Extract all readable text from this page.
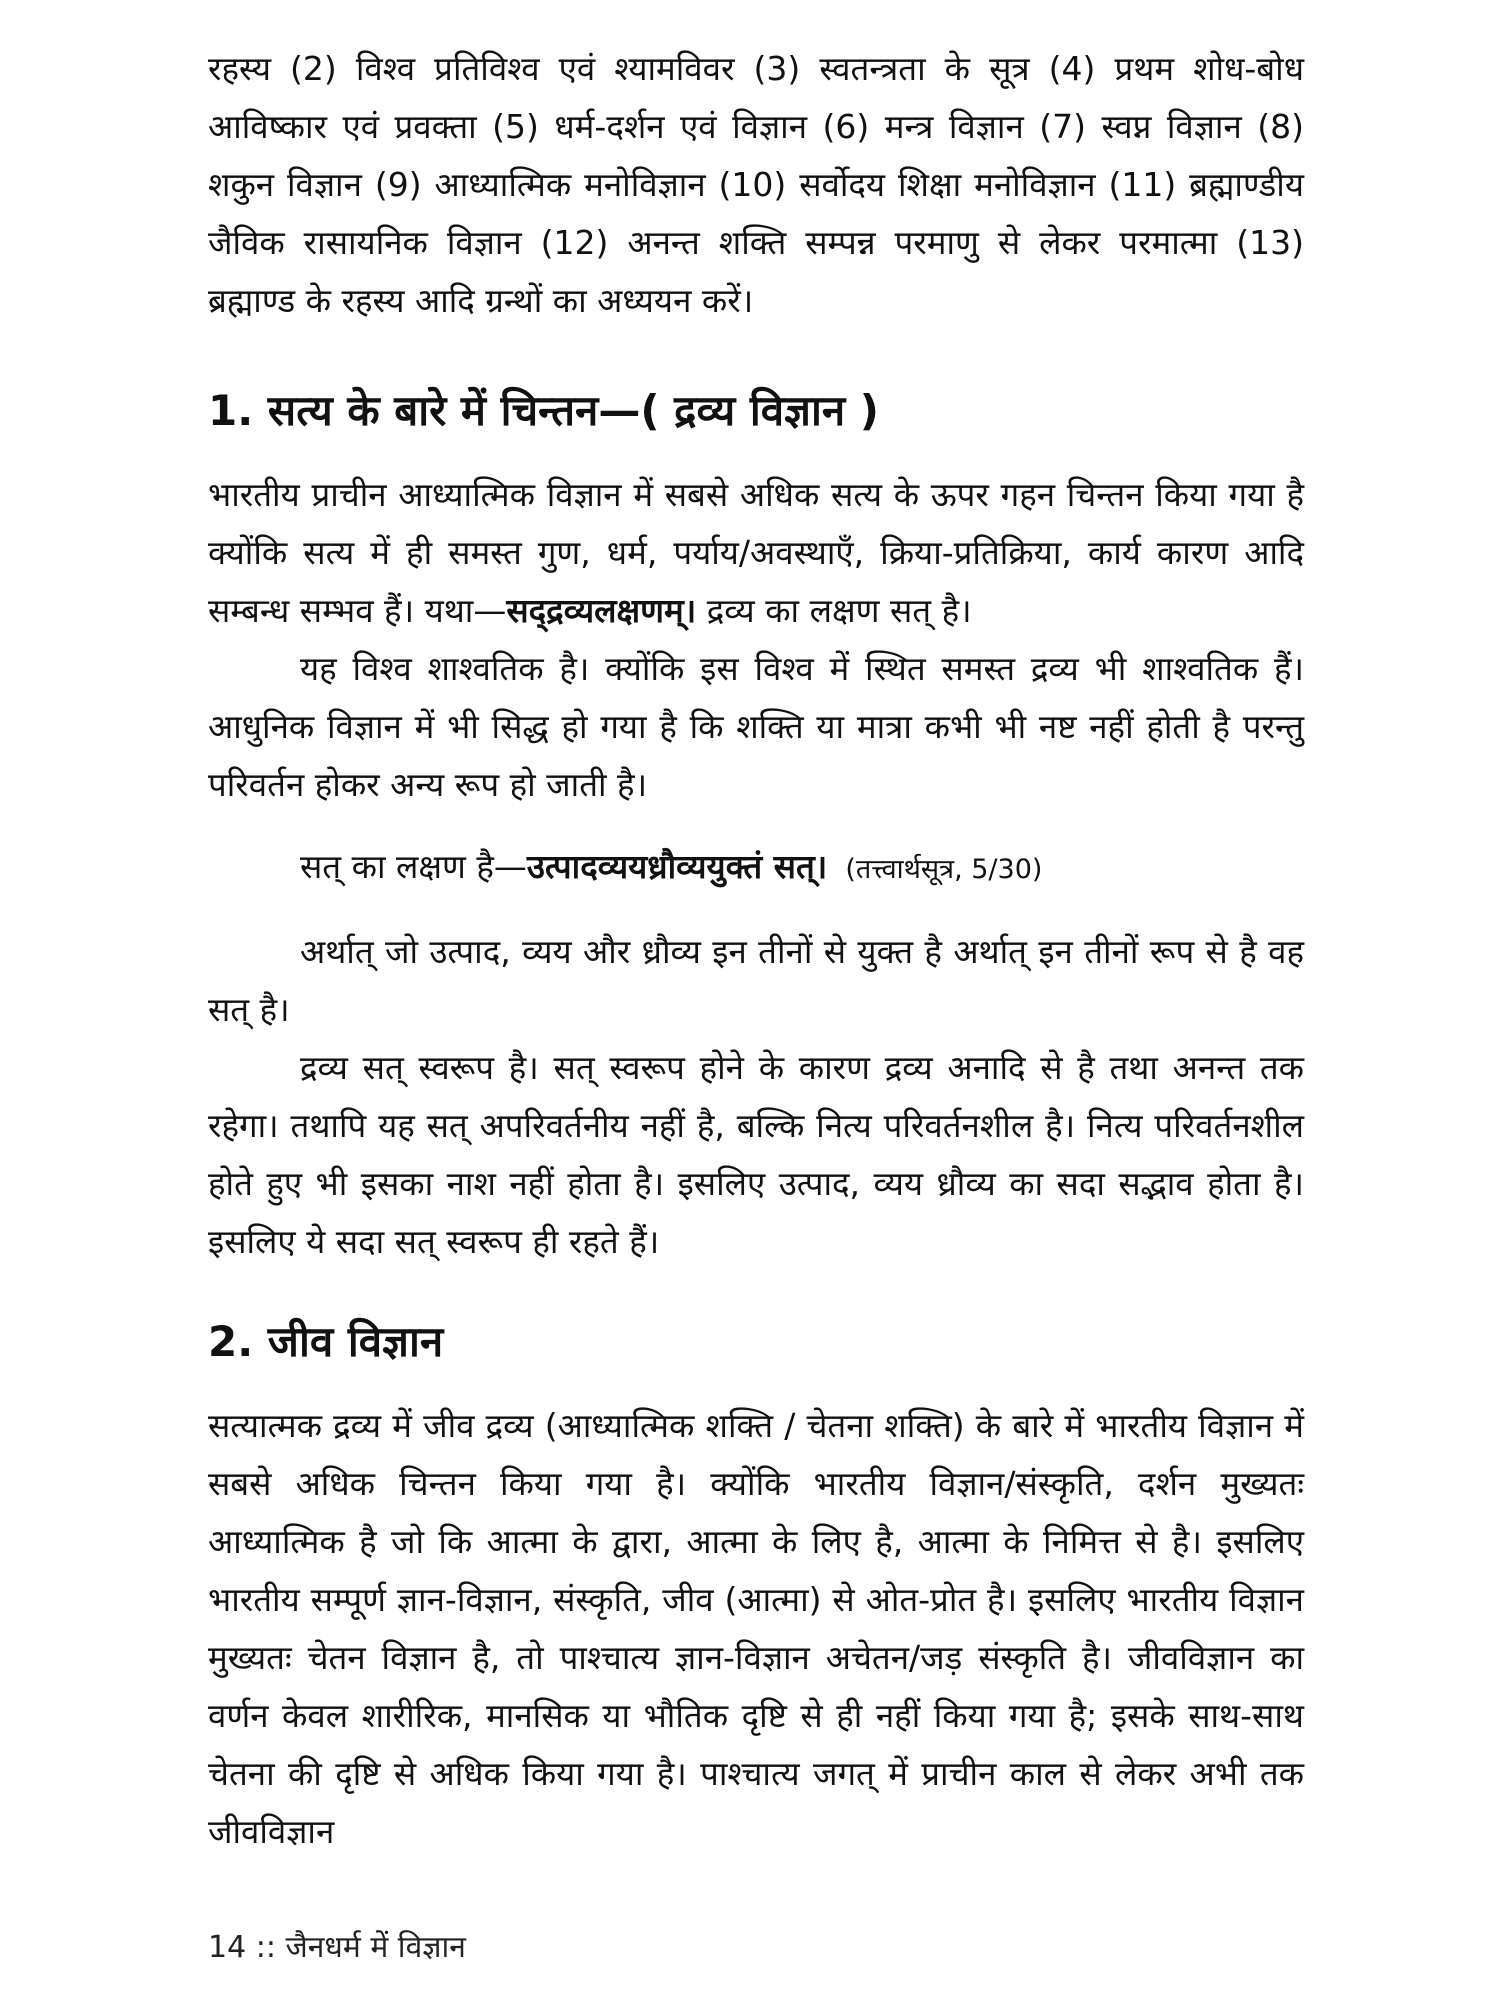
रहस्य (2) विश्व प्रतिविश्व एवं श्यामविवर (3) स्वतन्त्रता के सूत्र (4) प्रथम शोध-बोध आविष्कार एवं प्रवक्ता (5) धर्म-दर्शन एवं विज्ञान (6) मन्त्र विज्ञान (7) स्वप्न विज्ञान (8) शकुन विज्ञान (9) आध्यात्मिक मनोविज्ञान (10) सर्वोदय शिक्षा मनोविज्ञान (11) ब्रह्माण्डीय जैविक रासायनिक विज्ञान (12) अनन्त शक्ति सम्पन्न परमाणु से लेकर परमात्मा (13) ब्रह्माण्ड के रहस्य आदि ग्रन्थों का अध्ययन करें।

1. सत्य के बारे में चिन्तन—( द्रव्य विज्ञान )

भारतीय प्राचीन आध्यात्मिक विज्ञान में सबसे अधिक सत्य के ऊपर गहन चिन्तन किया गया है क्योंकि सत्य में ही समस्त गुण, धर्म, पर्याय/अवस्थाएँ, क्रिया-प्रतिक्रिया, कार्य कारण आदि सम्बन्ध सम्भव हैं। यथा—सद्द्रव्यलक्षणम्। द्रव्य का लक्षण सत् है।

यह विश्व शाश्वतिक है। क्योंकि इस विश्व में स्थित समस्त द्रव्य भी शाश्वतिक हैं। आधुनिक विज्ञान में भी सिद्ध हो गया है कि शक्ति या मात्रा कभी भी नष्ट नहीं होती है परन्तु परिवर्तन होकर अन्य रूप हो जाती है।

सत् का लक्षण है—उत्पादव्ययध्रौव्ययुक्तं सत्। (तत्त्वार्थसूत्र, 5/30)

अर्थात् जो उत्पाद, व्यय और ध्रौव्य इन तीनों से युक्त है अर्थात् इन तीनों रूप से है वह सत् है।

द्रव्य सत् स्वरूप है। सत् स्वरूप होने के कारण द्रव्य अनादि से है तथा अनन्त तक रहेगा। तथापि यह सत् अपरिवर्तनीय नहीं है, बल्कि नित्य परिवर्तनशील है। नित्य परिवर्तनशील होते हुए भी इसका नाश नहीं होता है। इसलिए उत्पाद, व्यय ध्रौव्य का सदा सद्भाव होता है। इसलिए ये सदा सत् स्वरूप ही रहते हैं।

2. जीव विज्ञान

सत्यात्मक द्रव्य में जीव द्रव्य (आध्यात्मिक शक्ति / चेतना शक्ति) के बारे में भारतीय विज्ञान में सबसे अधिक चिन्तन किया गया है। क्योंकि भारतीय विज्ञान/संस्कृति, दर्शन मुख्यतः आध्यात्मिक है जो कि आत्मा के द्वारा, आत्मा के लिए है, आत्मा के निमित्त से है। इसलिए भारतीय सम्पूर्ण ज्ञान-विज्ञान, संस्कृति, जीव (आत्मा) से ओत-प्रोत है। इसलिए भारतीय विज्ञान मुख्यतः चेतन विज्ञान है, तो पाश्चात्य ज्ञान-विज्ञान अचेतन/जड़ संस्कृति है। जीवविज्ञान का वर्णन केवल शारीरिक, मानसिक या भौतिक दृष्टि से ही नहीं किया गया है; इसके साथ-साथ चेतना की दृष्टि से अधिक किया गया है। पाश्चात्य जगत् में प्राचीन काल से लेकर अभी तक जीवविज्ञान

14 :: जैनधर्म में विज्ञान
